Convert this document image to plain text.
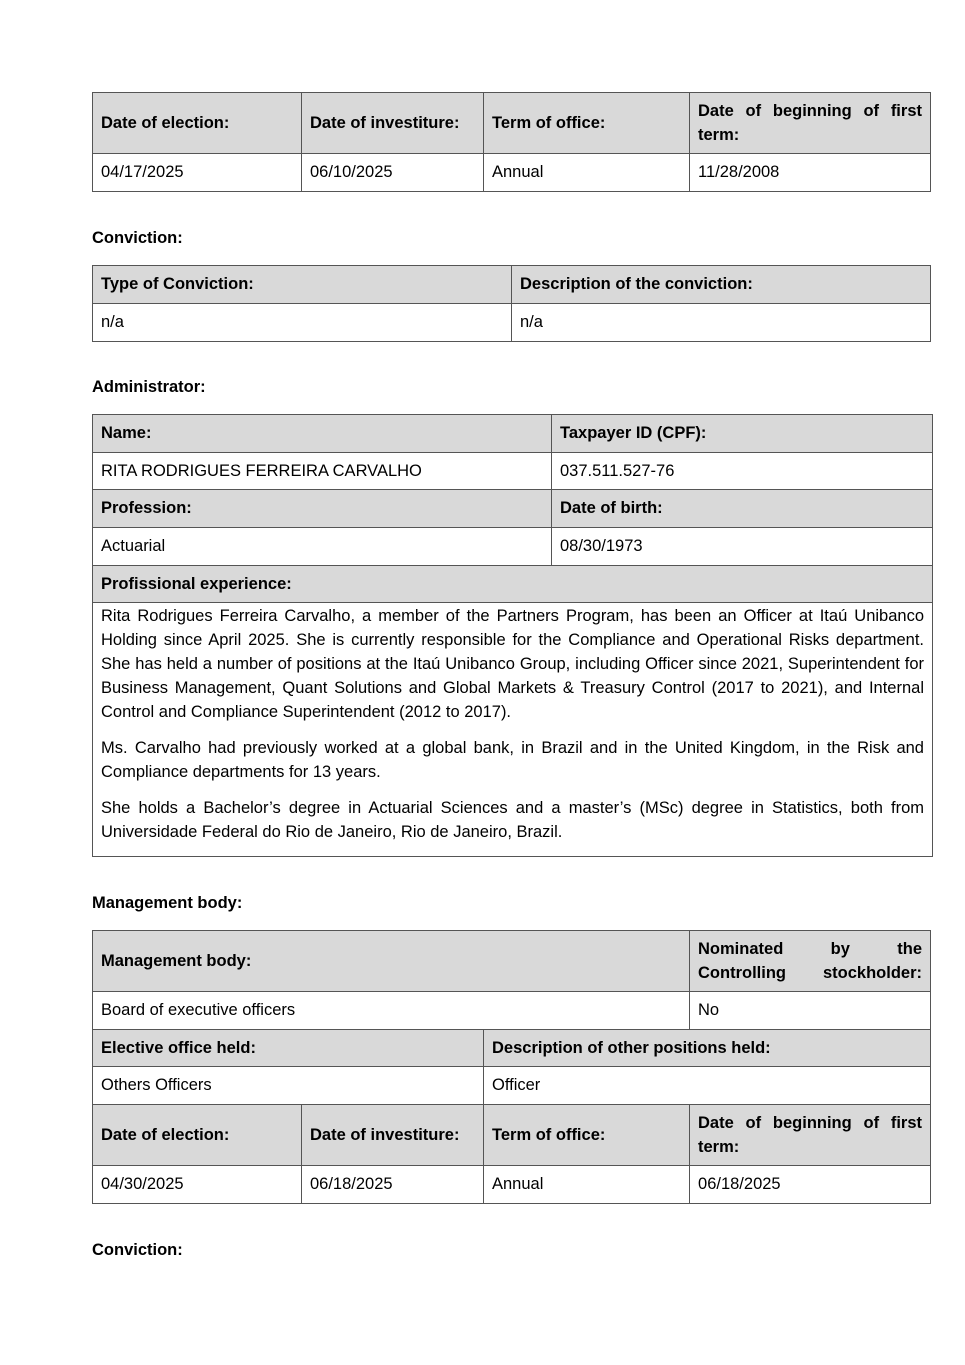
Date of election:	Date of investiture:	Term of office:	Date of beginning of first term:
04/17/2025	06/10/2025	Annual	11/28/2008
Conviction:
Type of Conviction:	Description of the conviction:
n/a	n/a
Administrator:
Name:	Taxpayer ID (CPF):
RITA RODRIGUES FERREIRA CARVALHO	037.511.527-76
Profession:	Date of birth:
Actuarial	08/30/1973
Profissional experience:	

Rita Rodrigues Ferreira Carvalho, a member of the Partners Program, has been an Officer at Itaú Unibanco Holding since April 2025. She is currently responsible for the Compliance and Operational Risks department. She has held a number of positions at the Itaú Unibanco Group, including Officer since 2021, Superintendent for Business Management, Quant Solutions and Global Markets & Treasury Control (2017 to 2021), and Internal Control and Compliance Superintendent (2012 to 2017).

Ms. Carvalho had previously worked at a global bank, in Brazil and in the United Kingdom, in the Risk and Compliance departments for 13 years.

She holds a Bachelor’s degree in Actuarial Sciences and a master’s (MSc) degree in Statistics, both from Universidade Federal do Rio de Janeiro, Rio de Janeiro, Brazil.	

Management body:
Management body:			Nominated by the Controlling stockholder:
Board of executive officers			No
Elective office held:		Description of other positions held:	
Others Officers		Officer	
Date of election:	Date of investiture:	Term of office:	Date of beginning of first term:
04/30/2025	06/18/2025	Annual	06/18/2025
Conviction:
